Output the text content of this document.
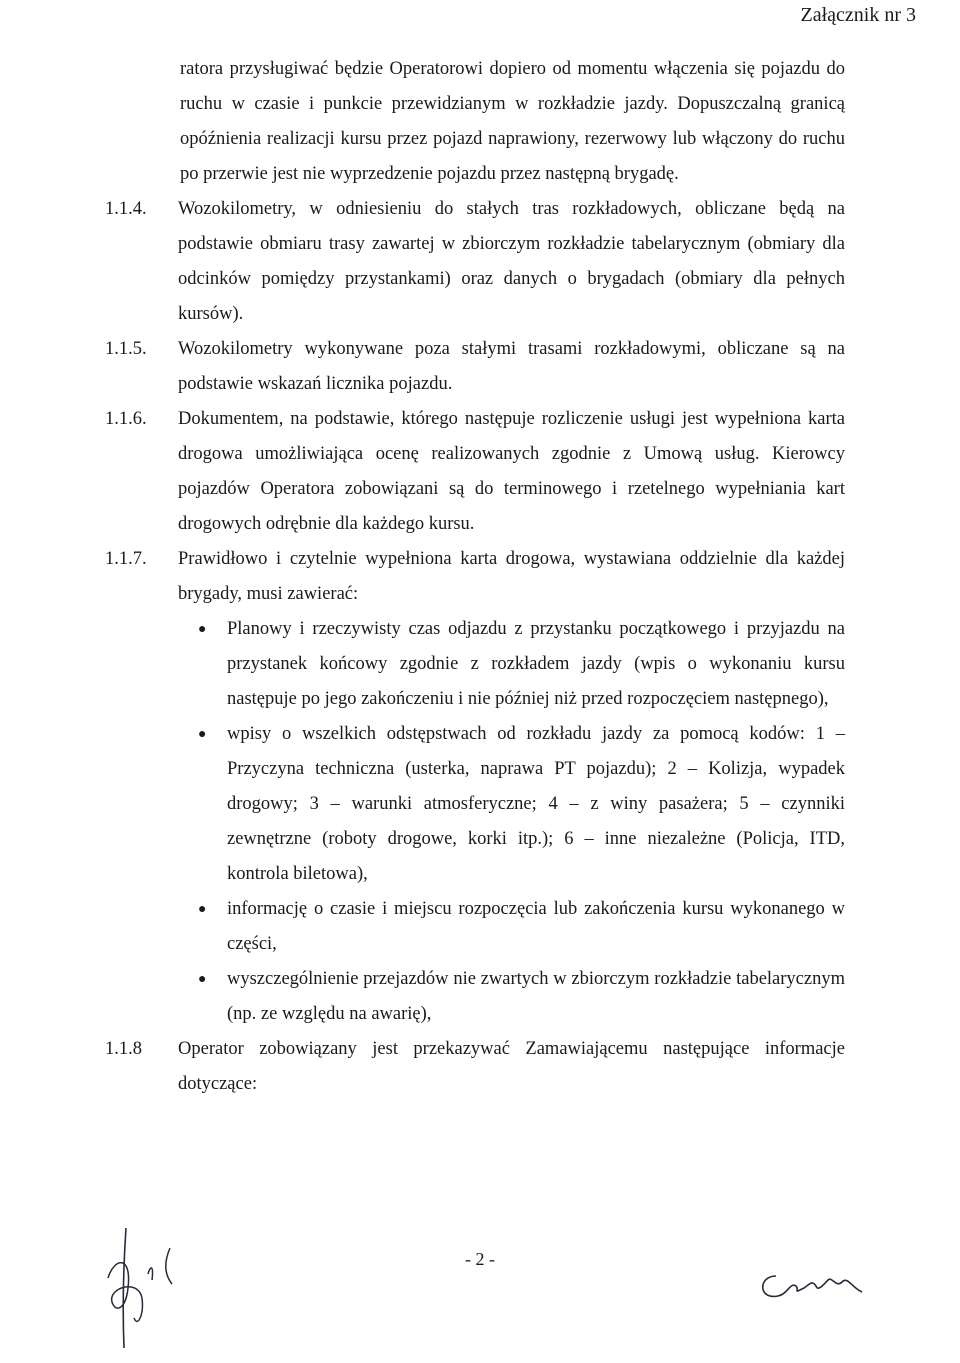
Załącznik nr 3
ratora przysługiwać będzie Operatorowi dopiero od momentu włączenia się pojazdu do ruchu w czasie i punkcie przewidzianym w rozkładzie jazdy. Dopuszczalną granicą opóźnienia realizacji kursu przez pojazd naprawiony, rezerwowy lub włączony do ruchu po przerwie jest nie wyprzedzenie pojazdu przez następną brygadę.
1.1.4.	Wozokilometry, w odniesieniu do stałych tras rozkładowych, obliczane będą na podstawie obmiaru trasy zawartej w zbiorczym rozkładzie tabelarycznym (obmiary dla odcinków pomiędzy przystankami) oraz danych o brygadach (obmiary dla pełnych kursów).
1.1.5.	Wozokilometry wykonywane poza stałymi trasami rozkładowymi, obliczane są na podstawie wskazań licznika pojazdu.
1.1.6.	Dokumentem, na podstawie, którego następuje rozliczenie usługi jest wypełniona karta drogowa umożliwiająca ocenę realizowanych zgodnie z Umową usług. Kierowcy pojazdów Operatora zobowiązani są do terminowego i rzetelnego wypełniania kart drogowych odrębnie dla każdego kursu.
1.1.7.	Prawidłowo i czytelnie wypełniona karta drogowa, wystawiana oddzielnie dla każdej brygady, musi zawierać:
●	Planowy i rzeczywisty czas odjazdu z przystanku początkowego i przyjazdu na przystanek końcowy zgodnie z rozkładem jazdy (wpis o wykonaniu kursu następuje po jego zakończeniu i nie później niż przed rozpoczęciem następnego),
●	wpisy o wszelkich odstępstwach od rozkładu jazdy za pomocą kodów: 1 – Przyczyna techniczna (usterka, naprawa PT pojazdu); 2 – Kolizja, wypadek drogowy; 3 – warunki atmosferyczne; 4 – z winy pasażera; 5 – czynniki zewnętrzne (roboty drogowe, korki itp.); 6 – inne niezależne (Policja, ITD, kontrola biletowa),
●	informację o czasie i miejscu rozpoczęcia lub zakończenia kursu wykonanego w części,
●	wyszczególnienie przejazdów nie zwartych w zbiorczym rozkładzie tabelarycznym (np. ze względu na awarię),
1.1.8	Operator zobowiązany jest przekazywać Zamawiającemu następujące informacje dotyczące:
- 2 -
